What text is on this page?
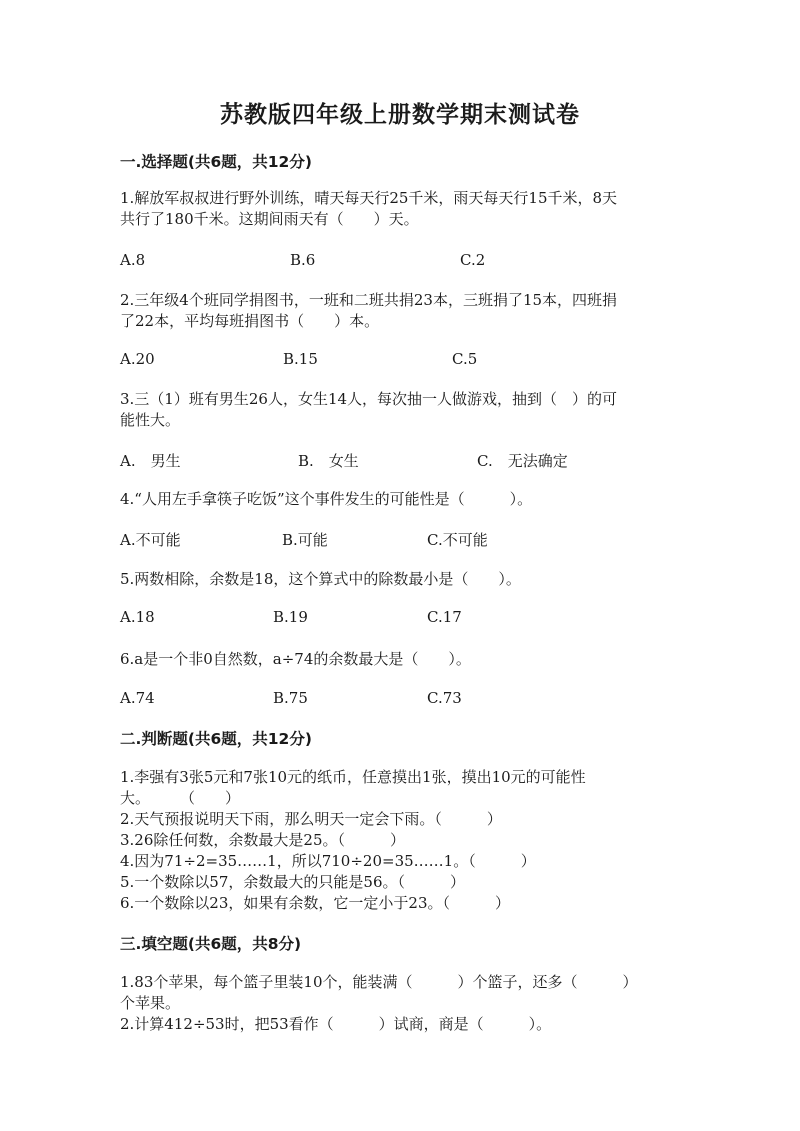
苏教版四年级上册数学期末测试卷
一.选择题(共6题，共12分)
1.解放军叔叔进行野外训练，晴天每天行25千米，雨天每天行15千米，8天
共行了180千米。这期间雨天有（　　）天。
A.8	B.6	C.2
2.三年级4个班同学捐图书，一班和二班共捐23本，三班捐了15本，四班捐
了22本，平均每班捐图书（　　）本。
A.20	B.15	C.5
3.三（1）班有男生26人，女生14人，每次抽一人做游戏，抽到（　）的可
能性大。
A.　男生	B.　女生	C.　无法确定
4.“人用左手拿筷子吃饭”这个事件发生的可能性是（　　　）。
A.不可能	B.可能	C.不可能
5.两数相除，余数是18，这个算式中的除数最小是（　　）。
A.18	B.19	C.17
6.a是一个非0自然数，a÷74的余数最大是（　　）。
A.74	B.75	C.73
二.判断题(共6题，共12分)
1.李强有3张5元和7张10元的纸币，任意摸出1张，摸出10元的可能性
大。　　　（　　）
2.天气预报说明天下雨，那么明天一定会下雨。（　　　）
3.26除任何数，余数最大是25。（　　　）
4.因为71÷2=35……1，所以710÷20=35……1。（　　　）
5.一个数除以57，余数最大的只能是56。（　　　）
6.一个数除以23，如果有余数，它一定小于23。（　　　）
三.填空题(共6题，共8分)
1.83个苹果，每个篮子里装10个，能装满（　　　）个篮子，还多（　　　）
个苹果。
2.计算412÷53时，把53看作（　　　）试商，商是（　　　）。
